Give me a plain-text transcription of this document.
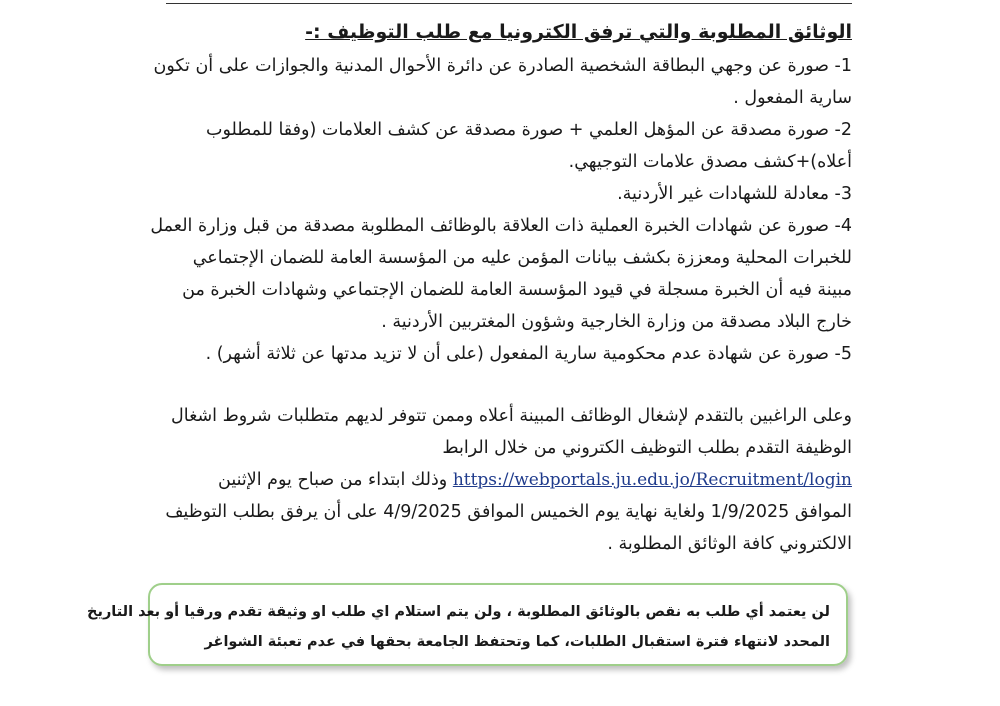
الوثائق المطلوبة والتي ترفق الكترونيا مع طلب التوظيف :-

1- صورة عن وجهي البطاقة الشخصية الصادرة عن دائرة الأحوال المدنية والجوازات على أن تكون

سارية المفعول .

2- صورة مصدقة عن المؤهل العلمي + صورة مصدقة عن كشف العلامات (وفقا للمطلوب

أعلاه)+كشف مصدق علامات التوجيهي.

3- معادلة للشهادات غير الأردنية.

4- صورة عن شهادات الخبرة العملية ذات العلاقة بالوظائف المطلوبة مصدقة من قبل وزارة العمل

للخبرات المحلية ومعززة بكشف بيانات المؤمن عليه من المؤسسة العامة للضمان الإجتماعي

مبينة فيه أن الخبرة مسجلة في قيود المؤسسة العامة للضمان الإجتماعي وشهادات الخبرة من

خارج البلاد مصدقة من وزارة الخارجية وشؤون المغتربين الأردنية .

5- صورة عن شهادة عدم محكومية سارية المفعول (على أن لا تزيد مدتها عن ثلاثة أشهر) .

وعلى الراغبين بالتقدم لإشغال الوظائف المبينة أعلاه وممن تتوفر لديهم متطلبات شروط اشغال

الوظيفة التقدم بطلب التوظيف الكتروني من خلال الرابط

https://webportals.ju.edu.jo/Recruitment/login وذلك ابتداء من صباح يوم الإثنين

الموافق 1/9/2025 ولغاية نهاية يوم الخميس الموافق 4/9/2025 على أن يرفق بطلب التوظيف

الالكتروني كافة الوثائق المطلوبة .

لن يعتمد أي طلب به نقص بالوثائق المطلوبة ، ولن يتم استلام اي طلب او وثيقة تقدم ورقيا أو بعد التاريخ

المحدد لانتهاء فترة استقبال الطلبات، كما وتحتفظ الجامعة بحقها في عدم تعبئة الشواغر
